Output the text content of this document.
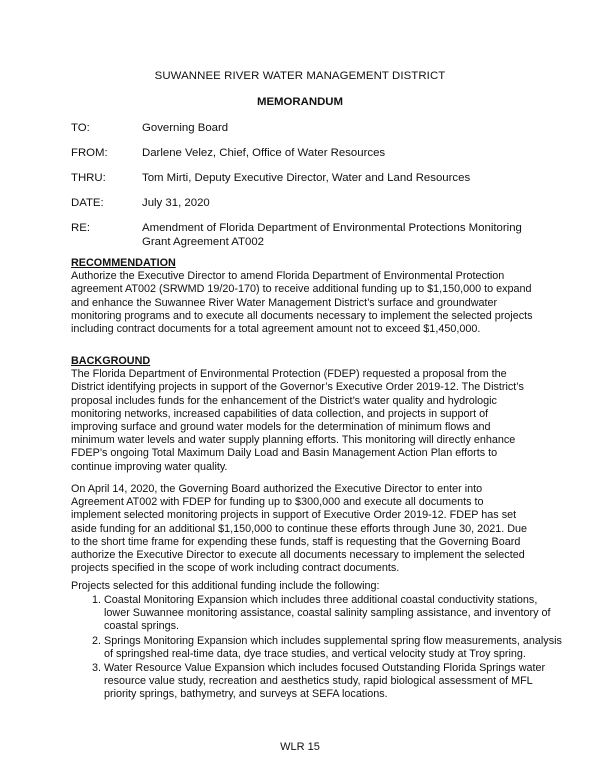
SUWANNEE RIVER WATER MANAGEMENT DISTRICT
MEMORANDUM
TO:	Governing Board
FROM:	Darlene Velez, Chief, Office of Water Resources
THRU:	Tom Mirti, Deputy Executive Director, Water and Land Resources
DATE:	July 31, 2020
RE:	Amendment of Florida Department of Environmental Protections Monitoring Grant Agreement AT002
RECOMMENDATION

Authorize the Executive Director to amend Florida Department of Environmental Protection agreement AT002 (SRWMD 19/20-170) to receive additional funding up to $1,150,000 to expand and enhance the Suwannee River Water Management District’s surface and groundwater monitoring programs and to execute all documents necessary to implement the selected projects including contract documents for a total agreement amount not to exceed $1,450,000.

BACKGROUND

The Florida Department of Environmental Protection (FDEP) requested a proposal from the District identifying projects in support of the Governor’s Executive Order 2019-12. The District’s proposal includes funds for the enhancement of the District’s water quality and hydrologic monitoring networks, increased capabilities of data collection, and projects in support of improving surface and ground water models for the determination of minimum flows and minimum water levels and water supply planning efforts. This monitoring will directly enhance FDEP’s ongoing Total Maximum Daily Load and Basin Management Action Plan efforts to continue improving water quality.

On April 14, 2020, the Governing Board authorized the Executive Director to enter into Agreement AT002 with FDEP for funding up to $300,000 and execute all documents to implement selected monitoring projects in support of Executive Order 2019-12. FDEP has set aside funding for an additional $1,150,000 to continue these efforts through June 30, 2021. Due to the short time frame for expending these funds, staff is requesting that the Governing Board authorize the Executive Director to execute all documents necessary to implement the selected projects specified in the scope of work including contract documents.

Projects selected for this additional funding include the following:

1. Coastal Monitoring Expansion which includes three additional coastal conductivity stations, lower Suwannee monitoring assistance, coastal salinity sampling assistance, and inventory of coastal springs.
2. Springs Monitoring Expansion which includes supplemental spring flow measurements, analysis of springshed real-time data, dye trace studies, and vertical velocity study at Troy spring.
3. Water Resource Value Expansion which includes focused Outstanding Florida Springs water resource value study, recreation and aesthetics study, rapid biological assessment of MFL priority springs, bathymetry, and surveys at SEFA locations.
WLR 15
